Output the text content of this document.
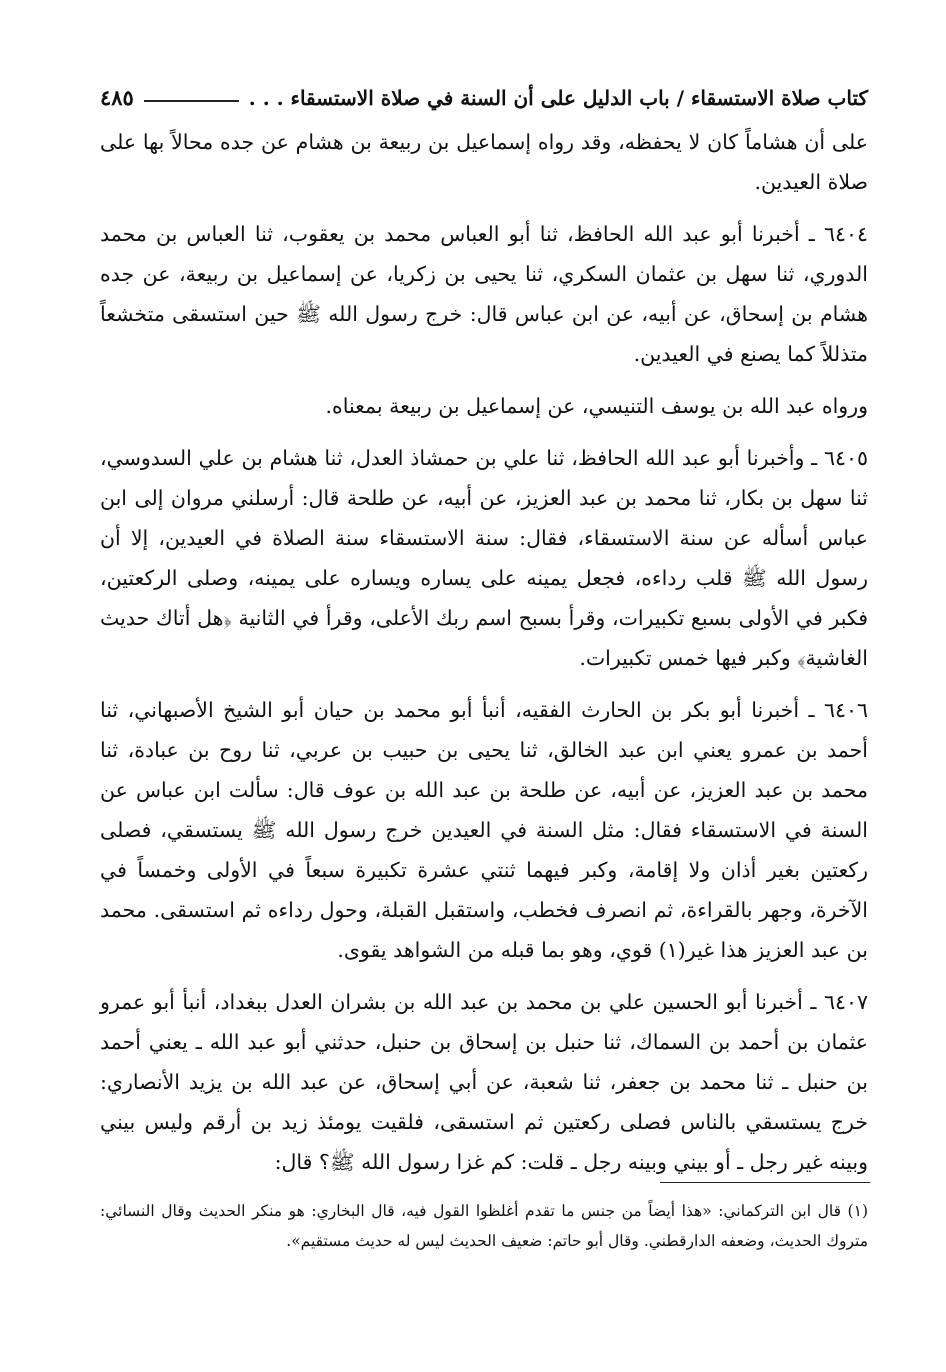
كتاب صلاة الاستسقاء / باب الدليل على أن السنة في صلاة الاستسقاء . . .
٤٨٥

على أن هشاماً كان لا يحفظه، وقد رواه إسماعيل بن ربيعة بن هشام عن جده محالاً بها على صلاة العيدين.

٦٤٠٤ ـ أخبرنا أبو عبد الله الحافظ، ثنا أبو العباس محمد بن يعقوب، ثنا العباس بن محمد الدوري، ثنا سهل بن عثمان السكري، ثنا يحيى بن زكريا، عن إسماعيل بن ربيعة، عن جده هشام بن إسحاق، عن أبيه، عن ابن عباس قال: خرج رسول الله ﷺ حين استسقى متخشعاً متذللاً كما يصنع في العيدين.

ورواه عبد الله بن يوسف التنيسي، عن إسماعيل بن ربيعة بمعناه.

٦٤٠٥ ـ وأخبرنا أبو عبد الله الحافظ، ثنا علي بن حمشاذ العدل، ثنا هشام بن علي السدوسي، ثنا سهل بن بكار، ثنا محمد بن عبد العزيز، عن أبيه، عن طلحة قال: أرسلني مروان إلى ابن عباس أسأله عن سنة الاستسقاء، فقال: سنة الاستسقاء سنة الصلاة في العيدين، إلا أن رسول الله ﷺ قلب رداءه، فجعل يمينه على يساره ويساره على يمينه، وصلى الركعتين، فكبر في الأولى بسبع تكبيرات، وقرأ بسبح اسم ربك الأعلى، وقرأ في الثانية ﴿هل أتاك حديث الغاشية﴾ وكبر فيها خمس تكبيرات.

٦٤٠٦ ـ أخبرنا أبو بكر بن الحارث الفقيه، أنبأ أبو محمد بن حيان أبو الشيخ الأصبهاني، ثنا أحمد بن عمرو يعني ابن عبد الخالق، ثنا يحيى بن حبيب بن عربي، ثنا روح بن عبادة، ثنا محمد بن عبد العزيز، عن أبيه، عن طلحة بن عبد الله بن عوف قال: سألت ابن عباس عن السنة في الاستسقاء فقال: مثل السنة في العيدين خرج رسول الله ﷺ يستسقي، فصلى ركعتين بغير أذان ولا إقامة، وكبر فيهما ثنتي عشرة تكبيرة سبعاً في الأولى وخمساً في الآخرة، وجهر بالقراءة، ثم انصرف فخطب، واستقبل القبلة، وحول رداءه ثم استسقى. محمد بن عبد العزيز هذا غير(١) قوي، وهو بما قبله من الشواهد يقوى.

٦٤٠٧ ـ أخبرنا أبو الحسين علي بن محمد بن عبد الله بن بشران العدل ببغداد، أنبأ أبو عمرو عثمان بن أحمد بن السماك، ثنا حنبل بن إسحاق بن حنبل، حدثني أبو عبد الله ـ يعني أحمد بن حنبل ـ ثنا محمد بن جعفر، ثنا شعبة، عن أبي إسحاق، عن عبد الله بن يزيد الأنصاري: خرج يستسقي بالناس فصلى ركعتين ثم استسقى، فلقيت يومئذ زيد بن أرقم وليس بيني وبينه غير رجل ـ أو بيني وبينه رجل ـ قلت: كم غزا رسول الله ﷺ؟ قال:

(١) قال ابن التركماني: «هذا أيضاً من جنس ما تقدم أغلظوا القول فيه، قال البخاري: هو منكر الحديث وقال النسائي: متروك الحديث، وضعفه الدارقطني. وقال أبو حاتم: ضعيف الحديث ليس له حديث مستقيم».
